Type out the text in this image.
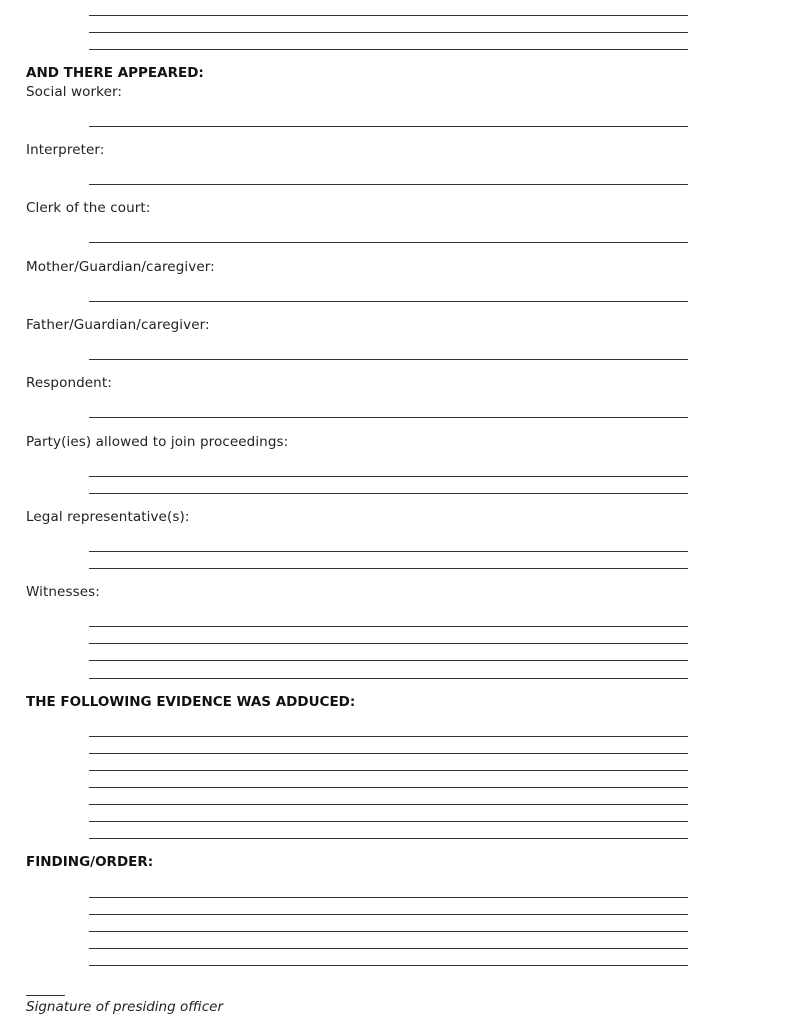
AND THERE APPEARED:
Social worker:
Interpreter:
Clerk of the court:
Mother/Guardian/caregiver:
Father/Guardian/caregiver:
Respondent:
Party(ies) allowed to join proceedings:
Legal representative(s):
Witnesses:
THE FOLLOWING EVIDENCE WAS ADDUCED:
FINDING/ORDER:
Signature of presiding officer
